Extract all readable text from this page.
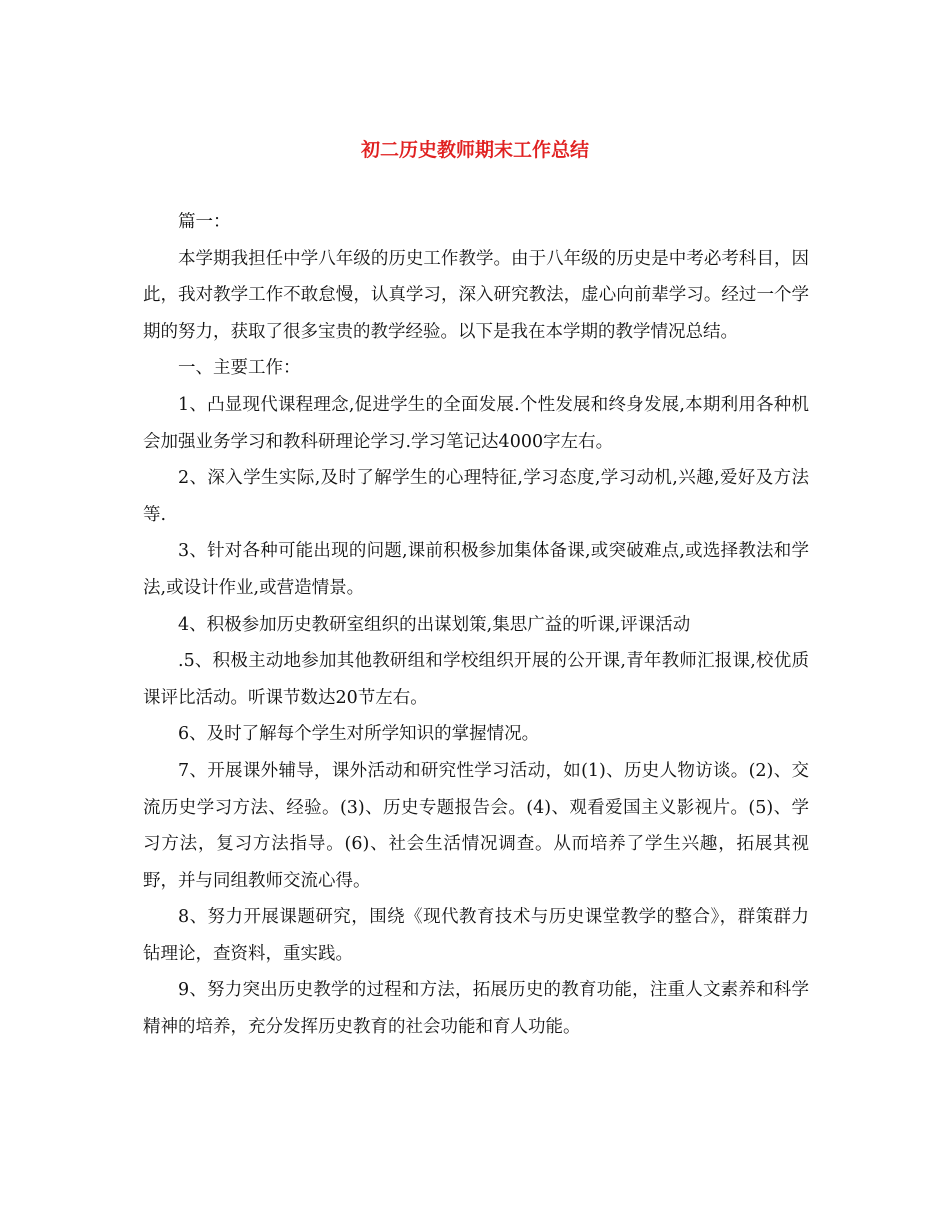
初二历史教师期末工作总结

篇一：

本学期我担任中学八年级的历史工作教学。由于八年级的历史是中考必考科目，因此，我对教学工作不敢怠慢，认真学习，深入研究教法，虚心向前辈学习。经过一个学期的努力，获取了很多宝贵的教学经验。以下是我在本学期的教学情况总结。

一、主要工作：

1、凸显现代课程理念,促进学生的全面发展.个性发展和终身发展,本期利用各种机会加强业务学习和教科研理论学习.学习笔记达4000字左右。

2、深入学生实际,及时了解学生的心理特征,学习态度,学习动机,兴趣,爱好及方法等.

3、针对各种可能出现的问题,课前积极参加集体备课,或突破难点,或选择教法和学法,或设计作业,或营造情景。

4、积极参加历史教研室组织的出谋划策,集思广益的听课,评课活动

.5、积极主动地参加其他教研组和学校组织开展的公开课,青年教师汇报课,校优质课评比活动。听课节数达20节左右。

6、及时了解每个学生对所学知识的掌握情况。

7、开展课外辅导，课外活动和研究性学习活动，如(1)、历史人物访谈。(2)、交流历史学习方法、经验。(3)、历史专题报告会。(4)、观看爱国主义影视片。(5)、学习方法，复习方法指导。(6)、社会生活情况调查。从而培养了学生兴趣，拓展其视野，并与同组教师交流心得。

8、努力开展课题研究，围绕《现代教育技术与历史课堂教学的整合》，群策群力钻理论，查资料，重实践。

9、努力突出历史教学的过程和方法，拓展历史的教育功能，注重人文素养和科学精神的培养，充分发挥历史教育的社会功能和育人功能。
